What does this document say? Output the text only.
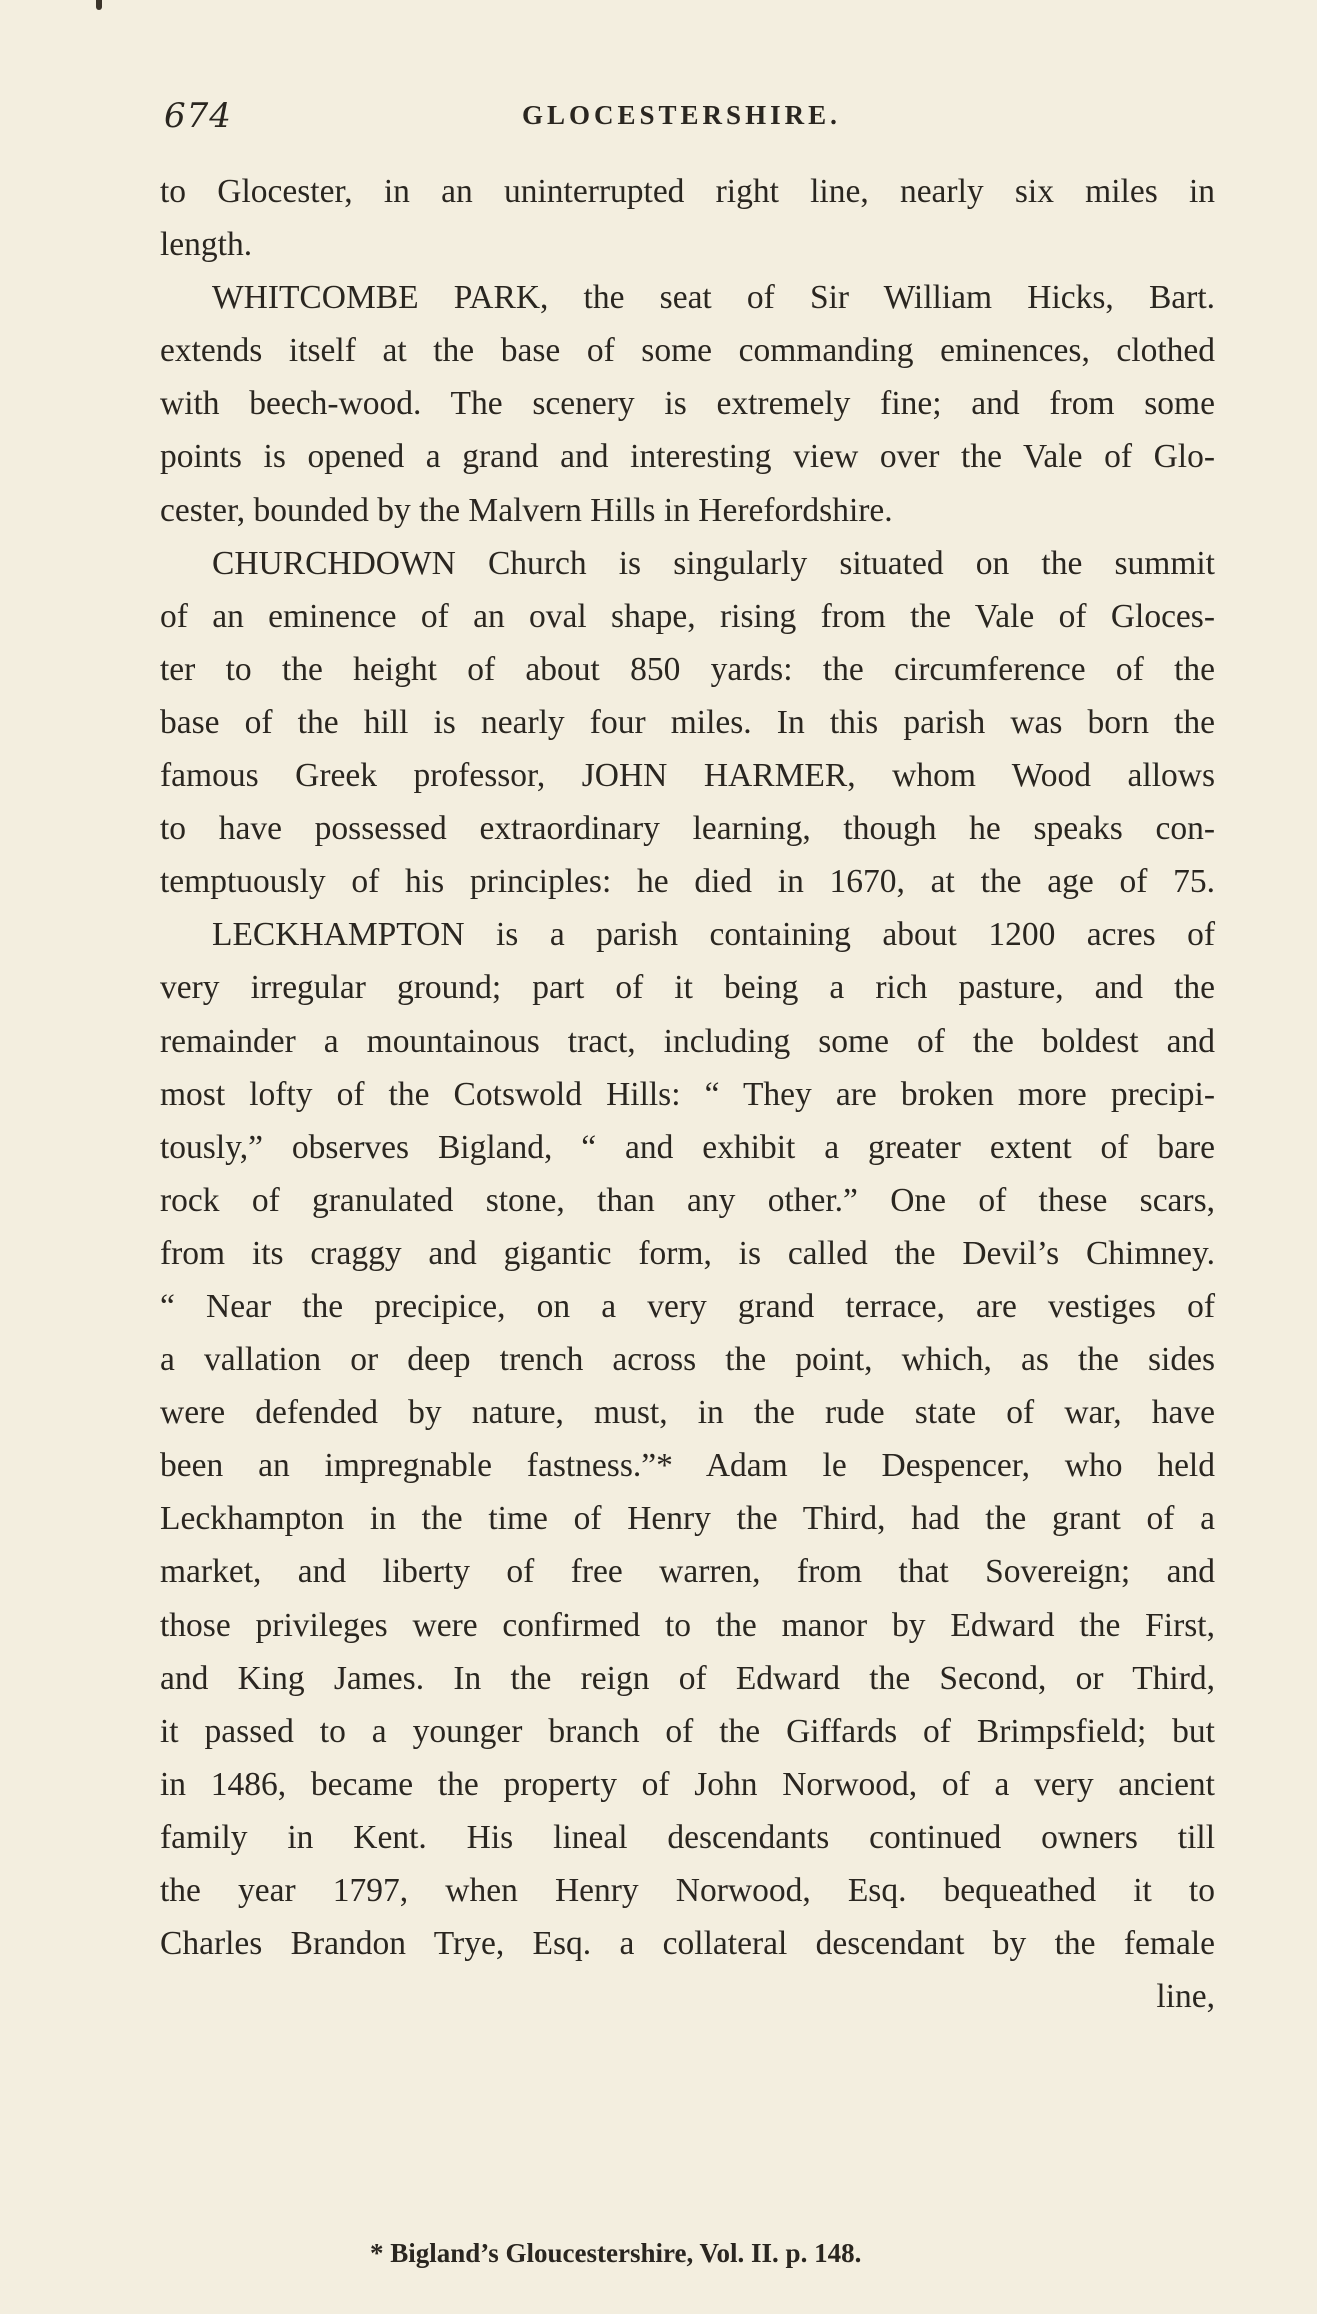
674	GLOCESTERSHIRE.
to Glocester, in an uninterrupted right line, nearly six miles in
length.
WHITCOMBE PARK, the seat of Sir William Hicks, Bart.
extends itself at the base of some commanding eminences, clothed
with beech-wood. The scenery is extremely fine; and from some
points is opened a grand and interesting view over the Vale of Glo-
cester, bounded by the Malvern Hills in Herefordshire.
CHURCHDOWN Church is singularly situated on the summit
of an eminence of an oval shape, rising from the Vale of Gloces-
ter to the height of about 850 yards: the circumference of the
base of the hill is nearly four miles. In this parish was born the
famous Greek professor, JOHN HARMER, whom Wood allows
to have possessed extraordinary learning, though he speaks con-
temptuously of his principles: he died in 1670, at the age of 75.
LECKHAMPTON is a parish containing about 1200 acres of
very irregular ground; part of it being a rich pasture, and the
remainder a mountainous tract, including some of the boldest and
most lofty of the Cotswold Hills: “ They are broken more precipi-
tously,” observes Bigland, “ and exhibit a greater extent of bare
rock of granulated stone, than any other.” One of these scars,
from its craggy and gigantic form, is called the Devil’s Chimney.
“ Near the precipice, on a very grand terrace, are vestiges of
a vallation or deep trench across the point, which, as the sides
were defended by nature, must, in the rude state of war, have
been an impregnable fastness.”* Adam le Despencer, who held
Leckhampton in the time of Henry the Third, had the grant of a
market, and liberty of free warren, from that Sovereign; and
those privileges were confirmed to the manor by Edward the First,
and King James. In the reign of Edward the Second, or Third,
it passed to a younger branch of the Giffards of Brimpsfield; but
in 1486, became the property of John Norwood, of a very ancient
family in Kent. His lineal descendants continued owners till
the year 1797, when Henry Norwood, Esq. bequeathed it to
Charles Brandon Trye, Esq. a collateral descendant by the female
line,
* Bigland’s Gloucestershire, Vol. II. p. 148.
